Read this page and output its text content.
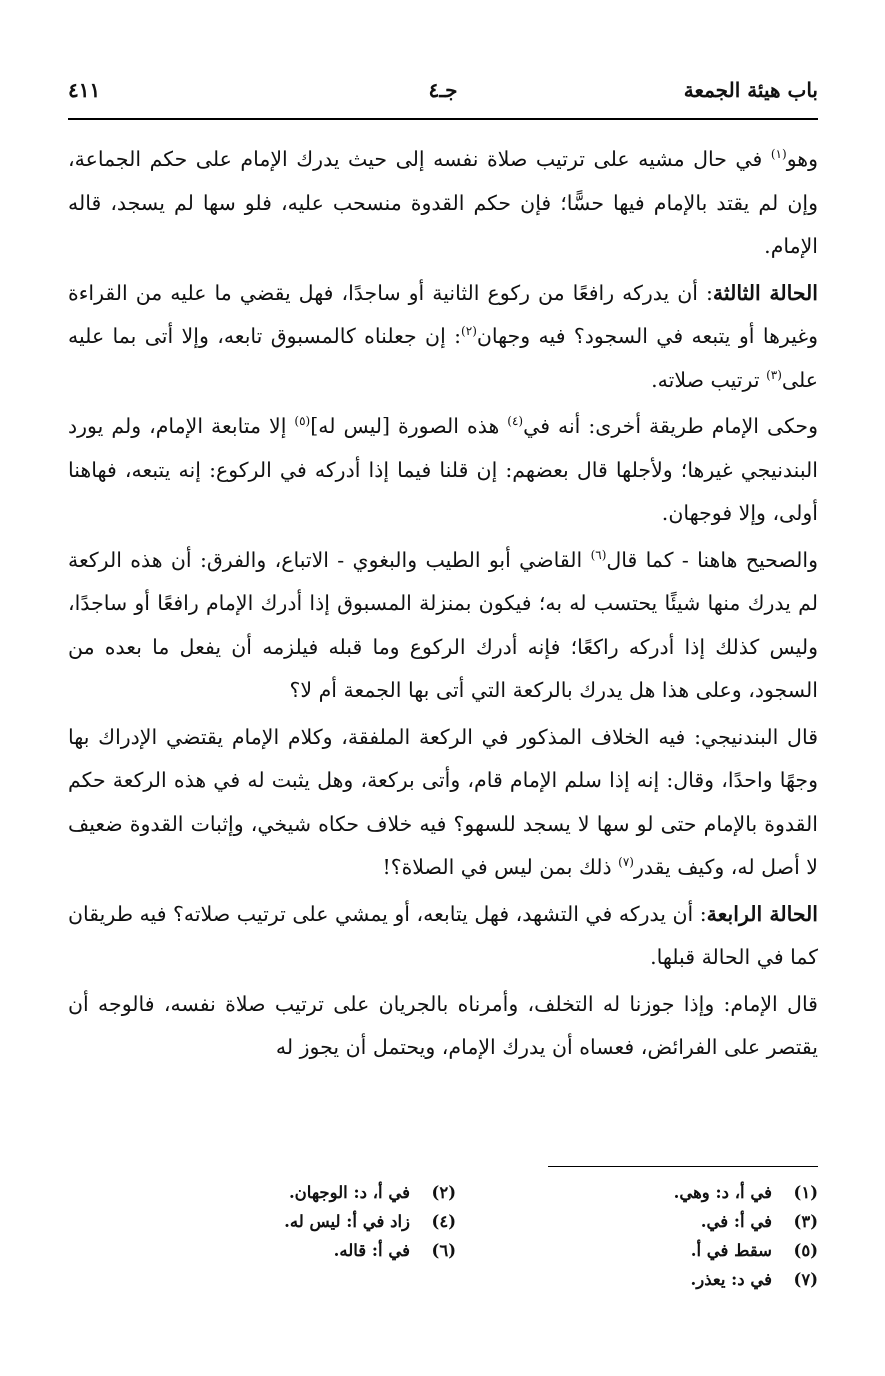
باب هيئة الجمعة
جـ٤
٤١١

وهو$^{(١)}$ في حال مشيه على ترتيب صلاة نفسه إلى حيث يدرك الإمام على حكم الجماعة، وإن لم يقتد بالإمام فيها حسًّا؛ فإن حكم القدوة منسحب عليه، فلو سها لم يسجد، قاله الإمام.

الحالة الثالثة: أن يدركه رافعًا من ركوع الثانية أو ساجدًا، فهل يقضي ما عليه من القراءة وغيرها أو يتبعه في السجود؟ فيه وجهان$^{(٢)}$: إن جعلناه كالمسبوق تابعه، وإلا أتى بما عليه على$^{(٣)}$ ترتيب صلاته.

وحكى الإمام طريقة أخرى: أنه في$^{(٤)}$ هذه الصورة [ليس له]$^{(٥)}$ إلا متابعة الإمام، ولم يورد البندنيجي غيرها؛ ولأجلها قال بعضهم: إن قلنا فيما إذا أدركه في الركوع: إنه يتبعه، فهاهنا أولى، وإلا فوجهان.

والصحيح هاهنا - كما قال$^{(٦)}$ القاضي أبو الطيب والبغوي - الاتباع، والفرق: أن هذه الركعة لم يدرك منها شيئًا يحتسب له به؛ فيكون بمنزلة المسبوق إذا أدرك الإمام رافعًا أو ساجدًا، وليس كذلك إذا أدركه راكعًا؛ فإنه أدرك الركوع وما قبله فيلزمه أن يفعل ما بعده من السجود، وعلى هذا هل يدرك بالركعة التي أتى بها الجمعة أم لا؟

قال البندنيجي: فيه الخلاف المذكور في الركعة الملفقة، وكلام الإمام يقتضي الإدراك بها وجهًا واحدًا، وقال: إنه إذا سلم الإمام قام، وأتى بركعة، وهل يثبت له في هذه الركعة حكم القدوة بالإمام حتى لو سها لا يسجد للسهو؟ فيه خلاف حكاه شيخي، وإثبات القدوة ضعيف لا أصل له، وكيف يقدر$^{(٧)}$ ذلك بمن ليس في الصلاة؟!

الحالة الرابعة: أن يدركه في التشهد، فهل يتابعه، أو يمشي على ترتيب صلاته؟ فيه طريقان كما في الحالة قبلها.

قال الإمام: وإذا جوزنا له التخلف، وأمرناه بالجريان على ترتيب صلاة نفسه، فالوجه أن يقتصر على الفرائض، فعساه أن يدرك الإمام، ويحتمل أن يجوز له

(١)في أ، د: وهي.
(٢)في أ، د: الوجهان.
(٣)في أ: في.
(٤)زاد في أ: ليس له.
(٥)سقط في أ.
(٦)في أ: قاله.
(٧)في د: يعذر.
